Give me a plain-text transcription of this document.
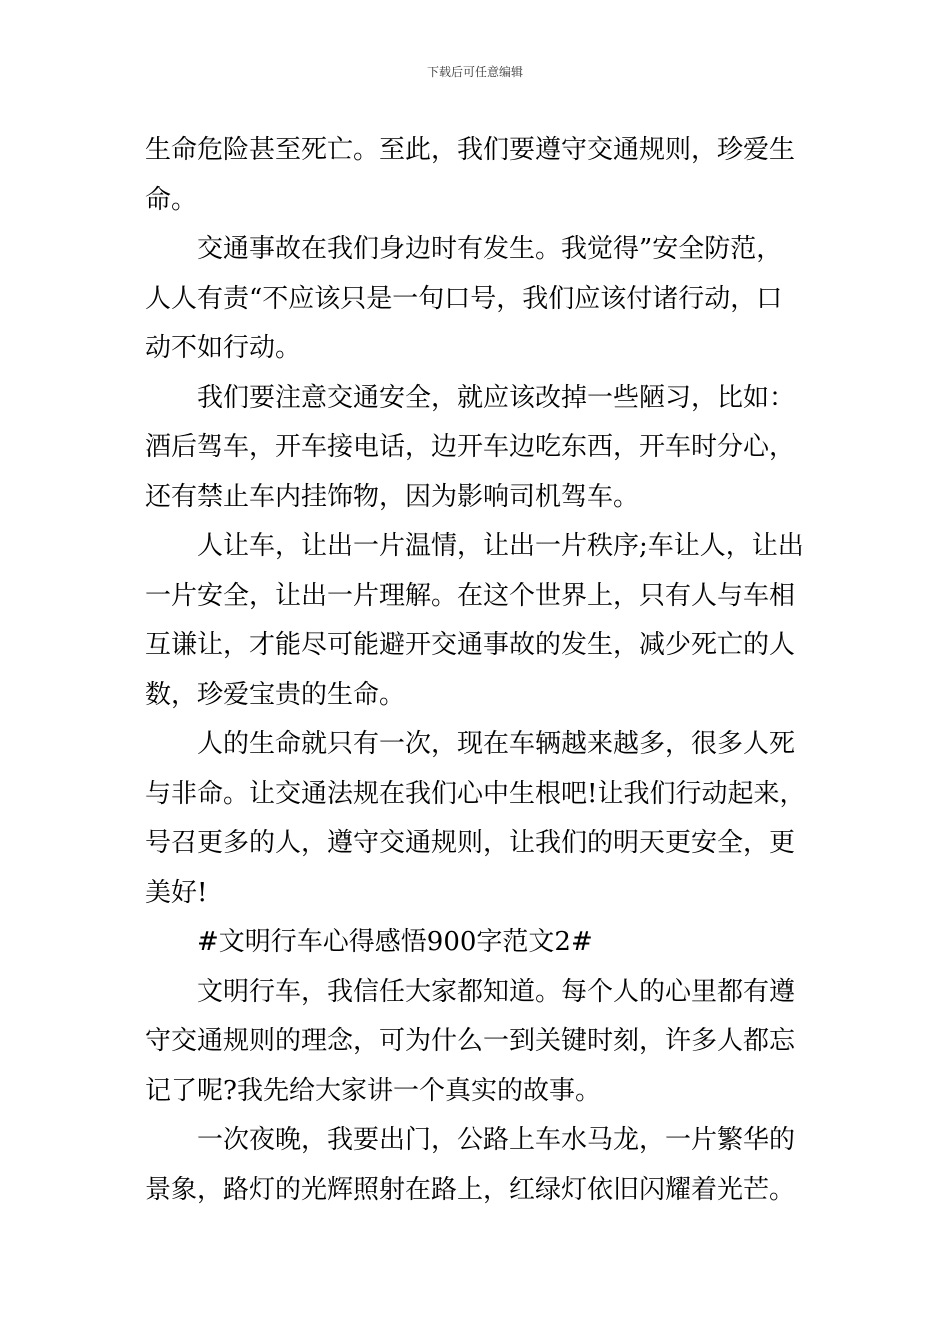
下载后可任意编辑
生命危险甚至死亡。至此，我们要遵守交通规则，珍爱生
命。
交通事故在我们身边时有发生。我觉得”安全防范，
人人有责“不应该只是一句口号，我们应该付诸行动，口
动不如行动。
我们要注意交通安全，就应该改掉一些陋习，比如：
酒后驾车，开车接电话，边开车边吃东西，开车时分心，
还有禁止车内挂饰物，因为影响司机驾车。
人让车，让出一片温情，让出一片秩序;车让人，让出
一片安全，让出一片理解。在这个世界上，只有人与车相
互谦让，才能尽可能避开交通事故的发生，减少死亡的人
数，珍爱宝贵的生命。
人的生命就只有一次，现在车辆越来越多，很多人死
与非命。让交通法规在我们心中生根吧!让我们行动起来，
号召更多的人，遵守交通规则，让我们的明天更安全，更
美好!
#文明行车心得感悟900字范文2#
文明行车，我信任大家都知道。每个人的心里都有遵
守交通规则的理念，可为什么一到关键时刻，许多人都忘
记了呢?我先给大家讲一个真实的故事。
一次夜晚，我要出门，公路上车水马龙，一片繁华的
景象，路灯的光辉照射在路上，红绿灯依旧闪耀着光芒。
